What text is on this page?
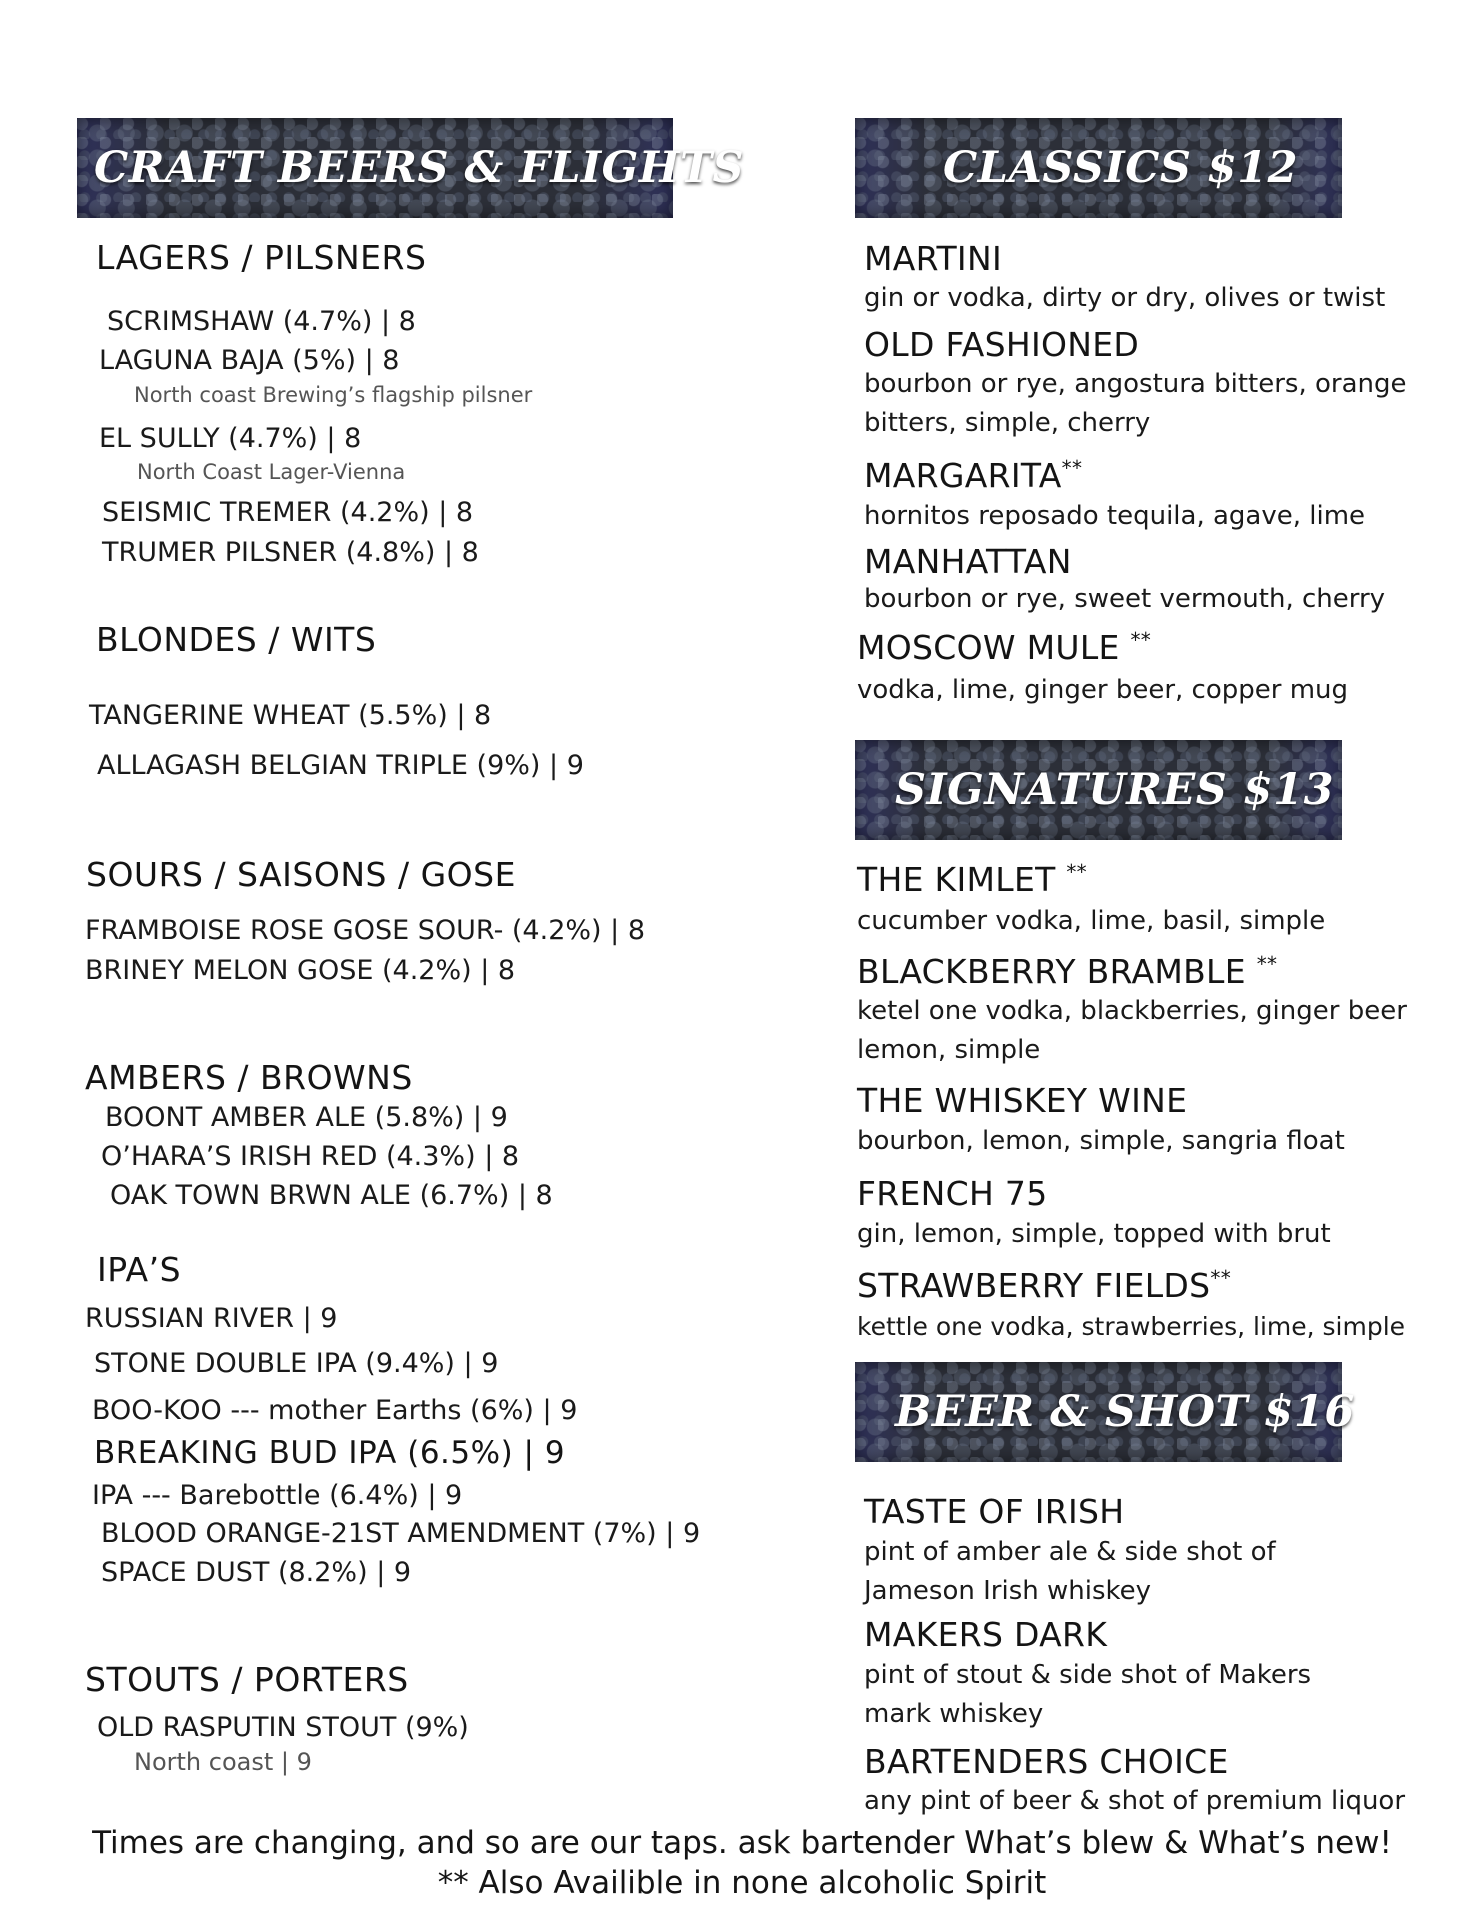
CRAFT BEERS & FLIGHTS	CLASSICS $12
SIGNATURES $13
BEER & SHOT $16
LAGERS / PILSNERS
SCRIMSHAW (4.7%) | 8
LAGUNA BAJA (5%) | 8
North coast Brewing’s flagship pilsner
EL SULLY (4.7%) | 8
North Coast Lager-Vienna
SEISMIC TREMER (4.2%) | 8
TRUMER PILSNER (4.8%) | 8
BLONDES / WITS
TANGERINE WHEAT (5.5%) | 8
ALLAGASH BELGIAN TRIPLE (9%) | 9
SOURS / SAISONS / GOSE
FRAMBOISE ROSE GOSE SOUR- (4.2%) | 8
BRINEY MELON GOSE (4.2%) | 8
AMBERS / BROWNS
BOONT AMBER ALE (5.8%) | 9
O’HARA’S IRISH RED (4.3%) | 8
OAK TOWN BRWN ALE (6.7%) | 8
IPA’S
RUSSIAN RIVER | 9
STONE DOUBLE IPA (9.4%) | 9
BOO-KOO --- mother Earths (6%) | 9
BREAKING BUD IPA (6.5%) | 9
IPA --- Barebottle (6.4%) | 9
BLOOD ORANGE-21ST AMENDMENT (7%) | 9
SPACE DUST (8.2%) | 9
STOUTS / PORTERS
OLD RASPUTIN STOUT (9%)
North coast | 9
MARTINI
gin or vodka, dirty or dry, olives or twist
OLD FASHIONED
bourbon or rye, angostura bitters, orange
bitters, simple, cherry
MARGARITA**
hornitos reposado tequila, agave, lime
MANHATTAN
bourbon or rye, sweet vermouth, cherry
MOSCOW MULE **
vodka, lime, ginger beer, copper mug
THE KIMLET **
cucumber vodka, lime, basil, simple
BLACKBERRY BRAMBLE **
ketel one vodka, blackberries, ginger beer
lemon, simple
THE WHISKEY WINE
bourbon, lemon, simple, sangria float
FRENCH 75
gin, lemon, simple, topped with brut
STRAWBERRY FIELDS**
kettle one vodka, strawberries, lime, simple
TASTE OF IRISH
pint of amber ale & side shot of
Jameson Irish whiskey
MAKERS DARK
pint of stout & side shot of Makers
mark whiskey
BARTENDERS CHOICE
any pint of beer & shot of premium liquor
Times are changing, and so are our taps. ask bartender What’s blew & What’s new!
** Also Availible in none alcoholic Spirit
